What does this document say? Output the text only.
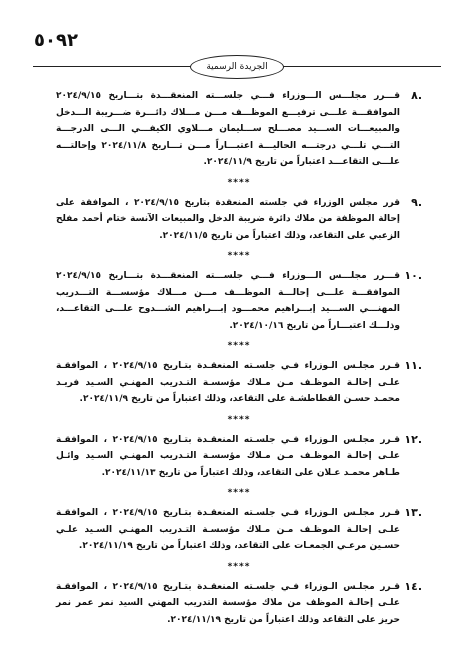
٥٠٩٢
الجريدة الرسمية
.٨
قـــرر مجلـــس الـــوزراء فـــي جلســـته المنعقـــدة بتـــاريخ ٢٠٢٤/٩/١٥ الموافقـــة علـــى ترفيـــع الموظـــف مـــن مـــلاك دائـــرة ضـــريبة الـــدخل والمبيعـــات الســـيد مصـــلح ســـليمان مـــلاوي الكيفـــي الـــى الدرجـــة التـــي تلـــي درجتـــه الحاليـــة اعتبـــاراً مـــن تـــاريخ ٢٠٢٤/١١/٨ وإحالتـــه علـــى التقاعـــد اعتباراً من تاريخ ٢٠٢٤/١١/٩.
****
.٩
قرر مجلس الوزراء في جلسته المنعقدة بتاريخ ٢٠٢٤/٩/١٥ ، الموافقة على إحالة الموظفة من ملاك دائرة ضريبة الدخل والمبيعات الآنسة ختام أحمد مفلح الزعبي على التقاعد، وذلك اعتباراً من تاريخ ٢٠٢٤/١١/٥.
****
.١٠
قـــرر مجلـــس الـــوزراء فـــي جلســـته المنعقـــدة بتـــاريخ ٢٠٢٤/٩/١٥ الموافقـــة علـــى إحالـــة الموظـــف مـــن مـــلاك مؤسســـة التـــدريب المهنـــي الســـيد إبـــراهيم محمـــود إبـــراهيم الشـــدوح علـــى التقاعـــد، وذلـــك اعتبـــاراً من تاريخ ٢٠٢٤/١٠/١٦.
****
.١١
قـرر مجلـس الـوزراء فـي جلسـته المنعقـدة بتـاريخ ٢٠٢٤/٩/١٥ ، الموافقـة علـى إحالـة الموظـف مـن مـلاك مؤسسـة التـدريب المهنـي السـيد فريـد محمـد حسـن القطاطشـة على التقاعد، وذلك اعتباراً من تاريخ ٢٠٢٤/١١/٩.
****
.١٢
قـرر مجلـس الـوزراء فـي جلسـته المنعقـدة بتـاريخ ٢٠٢٤/٩/١٥ ، الموافقـة علـى إحالـة الموظـف مـن مـلاك مؤسسـة التـدريب المهنـي السـيد وائـل طـاهر محمـد عـلان على التقاعد، وذلك اعتباراً من تاريخ ٢٠٢٤/١١/١٣.
****
.١٣
قـرر مجلـس الـوزراء فـي جلسـته المنعقـدة بتـاريخ ٢٠٢٤/٩/١٥ ، الموافقـة علـى إحالـة الموظـف مـن مـلاك مؤسسـة التـدريب المهنـي السـيد علـي حسـين مرعـي الجمعـات على التقاعد، وذلك اعتباراً من تاريخ ٢٠٢٤/١١/١٩.
****
.١٤
قـرر مجلـس الـوزراء فـي جلسـته المنعقـدة بتـاريخ ٢٠٢٤/٩/١٥ ، الموافقـة علـى إحالـة الموظف من ملاك مؤسسة التدريب المهني السيد نمر عمر نمر حريز على التقاعد وذلك اعتباراً من تاريخ ٢٠٢٤/١١/١٩.
